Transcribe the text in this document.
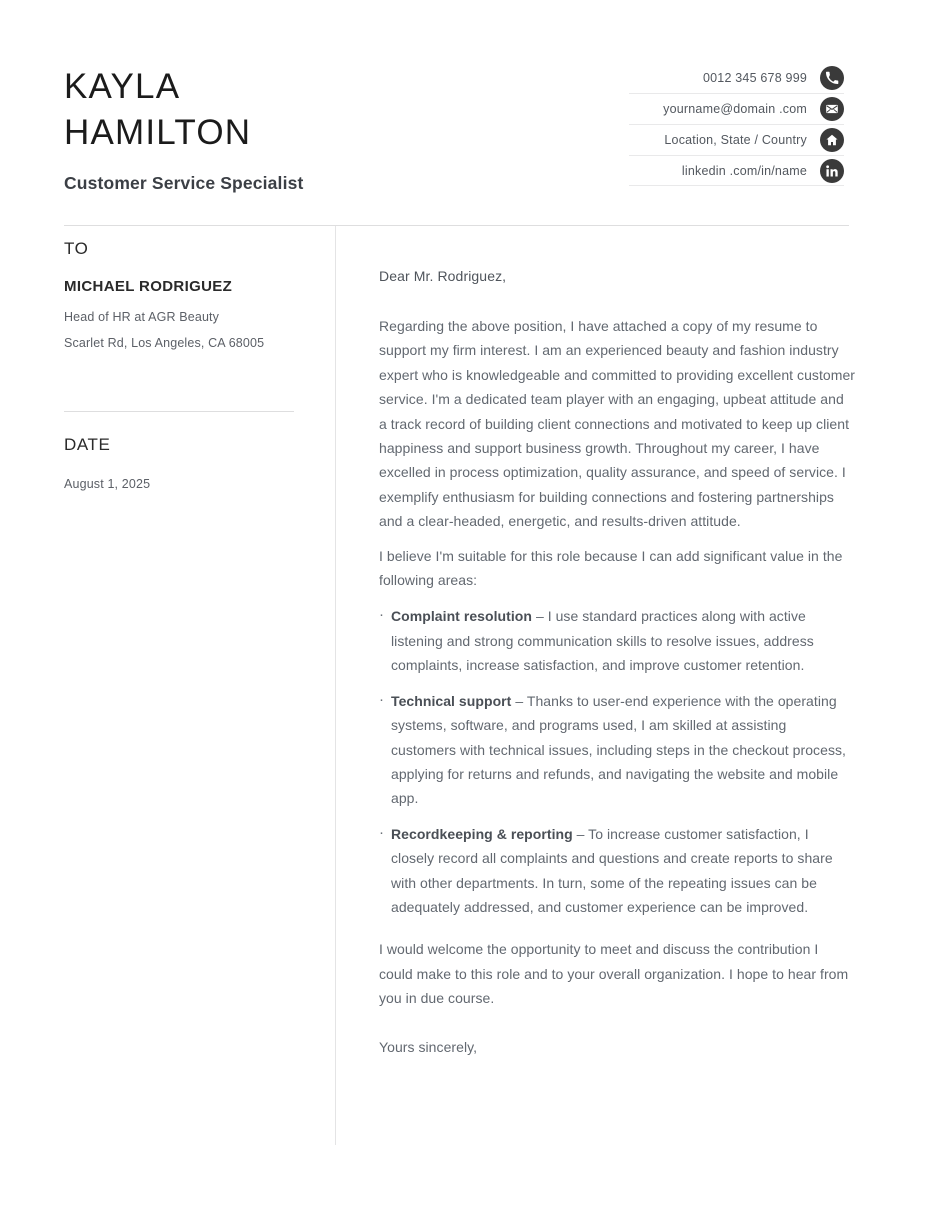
KAYLA
HAMILTON
Customer Service Specialist
0012 345 678 999
yourname@domain .com
Location, State / Country
linkedin .com/in/name
TO
MICHAEL RODRIGUEZ
Head of HR at AGR Beauty
Scarlet Rd, Los Angeles, CA 68005
DATE
August 1, 2025
Dear Mr. Rodriguez,
Regarding the above position, I have attached a copy of my resume to support my firm interest. I am an experienced beauty and fashion industry expert who is knowledgeable and committed to providing excellent customer service. I'm a dedicated team player with an engaging, upbeat attitude and a track record of building client connections and motivated to keep up client happiness and support business growth. Throughout my career, I have excelled in process optimization, quality assurance, and speed of service. I exemplify enthusiasm for building connections and fostering partnerships and a clear-headed, energetic, and results-driven attitude.
I believe I'm suitable for this role because I can add significant value in the following areas:
· Complaint resolution – I use standard practices along with active listening and strong communication skills to resolve issues, address complaints, increase satisfaction, and improve customer retention.
· Technical support – Thanks to user-end experience with the operating systems, software, and programs used, I am skilled at assisting customers with technical issues, including steps in the checkout process, applying for returns and refunds, and navigating the website and mobile app.
· Recordkeeping & reporting – To increase customer satisfaction, I closely record all complaints and questions and create reports to share with other departments. In turn, some of the repeating issues can be adequately addressed, and customer experience can be improved.
I would welcome the opportunity to meet and discuss the contribution I could make to this role and to your overall organization. I hope to hear from you in due course.
Yours sincerely,
